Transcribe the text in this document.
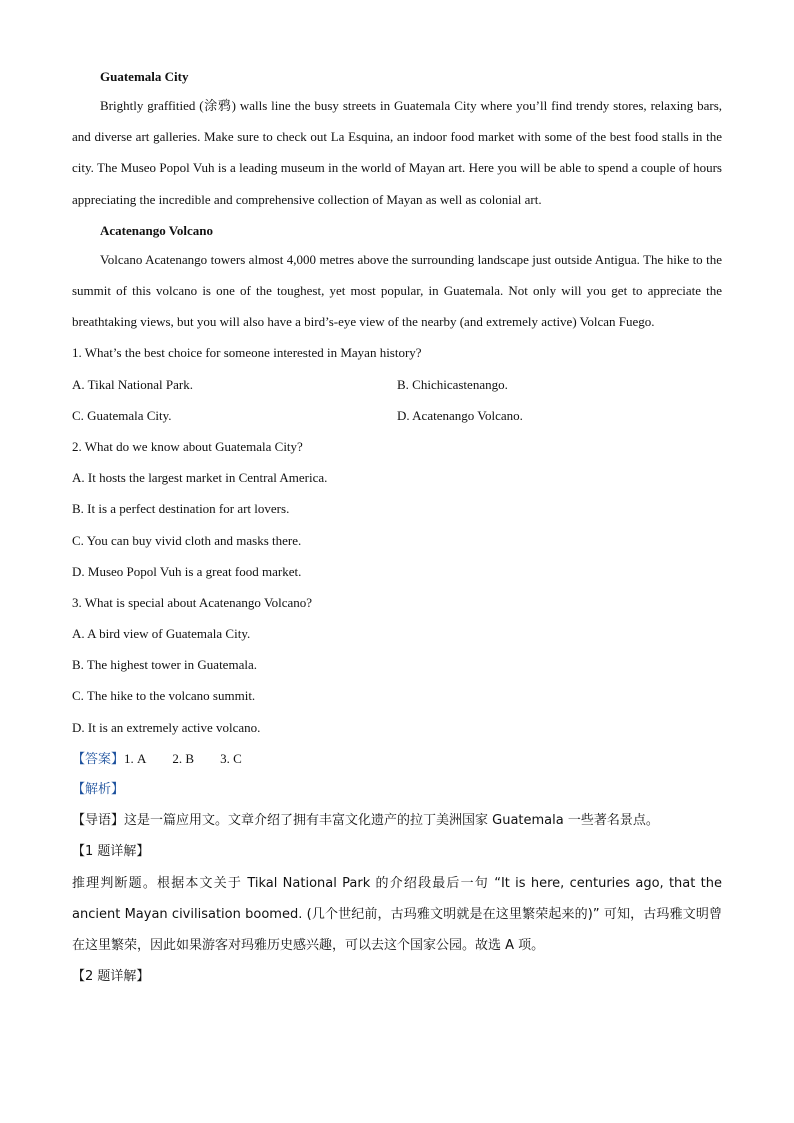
Guatemala City

Brightly graffitied (涂鸦) walls line the busy streets in Guatemala City where you’ll find trendy stores, relaxing bars, and diverse art galleries. Make sure to check out La Esquina, an indoor food market with some of the best food stalls in the city. The Museo Popol Vuh is a leading museum in the world of Mayan art. Here you will be able to spend a couple of hours appreciating the incredible and comprehensive collection of Mayan as well as colonial art.

Acatenango Volcano

Volcano Acatenango towers almost 4,000 metres above the surrounding landscape just outside Antigua. The hike to the summit of this volcano is one of the toughest, yet most popular, in Guatemala. Not only will you get to appreciate the breathtaking views, but you will also have a bird’s-eye view of the nearby (and extremely active) Volcan Fuego.

1. What’s the best choice for someone interested in Mayan history?
A. Tikal National Park.	B. Chichicastenango.
C. Guatemala City.	D. Acatenango Volcano.
2. What do we know about Guatemala City?
A. It hosts the largest market in Central America.
B. It is a perfect destination for art lovers.
C. You can buy vivid cloth and masks there.
D. Museo Popol Vuh is a great food market.
3. What is special about Acatenango Volcano?
A. A bird view of Guatemala City.
B. The highest tower in Guatemala.
C. The hike to the volcano summit.
D. It is an extremely active volcano.
【答案】1. A 2. B 3. C
【解析】
【导语】这是一篇应用文。文章介绍了拥有丰富文化遗产的拉丁美洲国家 Guatemala 一些著名景点。
【1 题详解】

推理判断题。根据本文关于 Tikal National Park 的介绍段最后一句 “It is here, centuries ago, that the ancient Mayan civilisation boomed. (几个世纪前，古玛雅文明就是在这里繁荣起来的)” 可知，古玛雅文明曾在这里繁荣，因此如果游客对玛雅历史感兴趣，可以去这个国家公园。故选 A 项。

【2 题详解】
